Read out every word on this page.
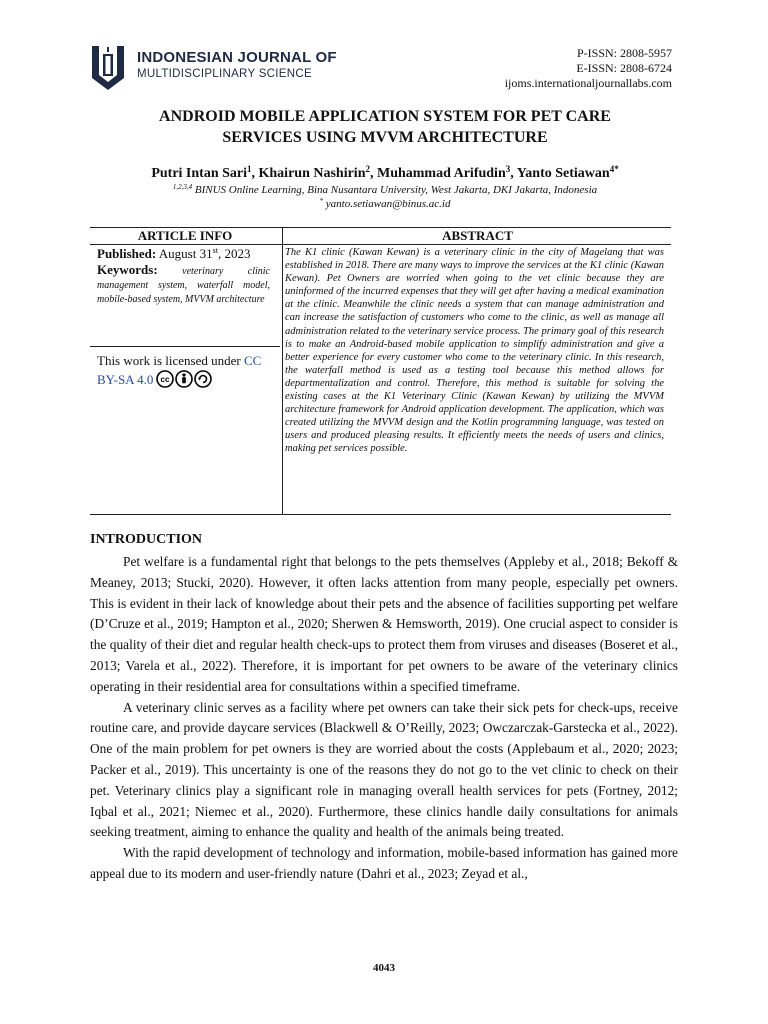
INDONESIAN JOURNAL OF
MULTIDISCIPLINARY SCIENCE
P-ISSN: 2808-5957
E-ISSN: 2808-6724
ijoms.internationaljournallabs.com
ANDROID MOBILE APPLICATION SYSTEM FOR PET CARE
SERVICES USING MVVM ARCHITECTURE
Putri Intan Sari$^1$, Khairun Nashirin$^2$, Muhammad Arifudin$^3$, Yanto Setiawan$^{4*}$
$^{1,2,3,4}$ BINUS Online Learning, Bina Nusantara University, West Jakarta, DKI Jakarta, Indonesia
* yanto.setiawan@binus.ac.id
ARTICLE INFO	ABSTRACT
Published: August 31st, 2023
Keywords: veterinary clinic management system, waterfall model, mobile-based system, MVVM architecture
This work is licensed under CC
BY-SA 4.0 cc
The K1 clinic (Kawan Kewan) is a veterinary clinic in the city of Magelang that was established in 2018. There are many ways to improve the services at the K1 clinic (Kawan Kewan). Pet Owners are worried when going to the vet clinic because they are uninformed of the incurred expenses that they will get after having a medical examination at the clinic. Meanwhile the clinic needs a system that can manage administration and can increase the satisfaction of customers who come to the clinic, as well as manage all administration related to the veterinary service process. The primary goal of this research is to make an Android-based mobile application to simplify administration and give a better experience for every customer who come to the veterinary clinic. In this research, the waterfall method is used as a testing tool because this method allows for departmentalization and control. Therefore, this method is suitable for solving the existing cases at the K1 Veterinary Clinic (Kawan Kewan) by utilizing the MVVM architecture framework for Android application development. The application, which was created utilizing the MVVM design and the Kotlin programming language, was tested on users and produced pleasing results. It efficiently meets the needs of users and clinics, making pet services possible.
INTRODUCTION

Pet welfare is a fundamental right that belongs to the pets themselves (Appleby et al., 2018; Bekoff & Meaney, 2013; Stucki, 2020). However, it often lacks attention from many people, especially pet owners. This is evident in their lack of knowledge about their pets and the absence of facilities supporting pet welfare (D’Cruze et al., 2019; Hampton et al., 2020; Sherwen & Hemsworth, 2019). One crucial aspect to consider is the quality of their diet and regular health check-ups to protect them from viruses and diseases (Boseret et al., 2013; Varela et al., 2022). Therefore, it is important for pet owners to be aware of the veterinary clinics operating in their residential area for consultations within a specified timeframe.

A veterinary clinic serves as a facility where pet owners can take their sick pets for check-ups, receive routine care, and provide daycare services (Blackwell & O’Reilly, 2023; Owczarczak-Garstecka et al., 2022). One of the main problem for pet owners is they are worried about the costs (Applebaum et al., 2020; 2023; Packer et al., 2019). This uncertainty is one of the reasons they do not go to the vet clinic to check on their pet. Veterinary clinics play a significant role in managing overall health services for pets (Fortney, 2012; Iqbal et al., 2021; Niemec et al., 2020). Furthermore, these clinics handle daily consultations for animals seeking treatment, aiming to enhance the quality and health of the animals being treated.

With the rapid development of technology and information, mobile-based information has gained more appeal due to its modern and user-friendly nature (Dahri et al., 2023; Zeyad et al.,

4043
